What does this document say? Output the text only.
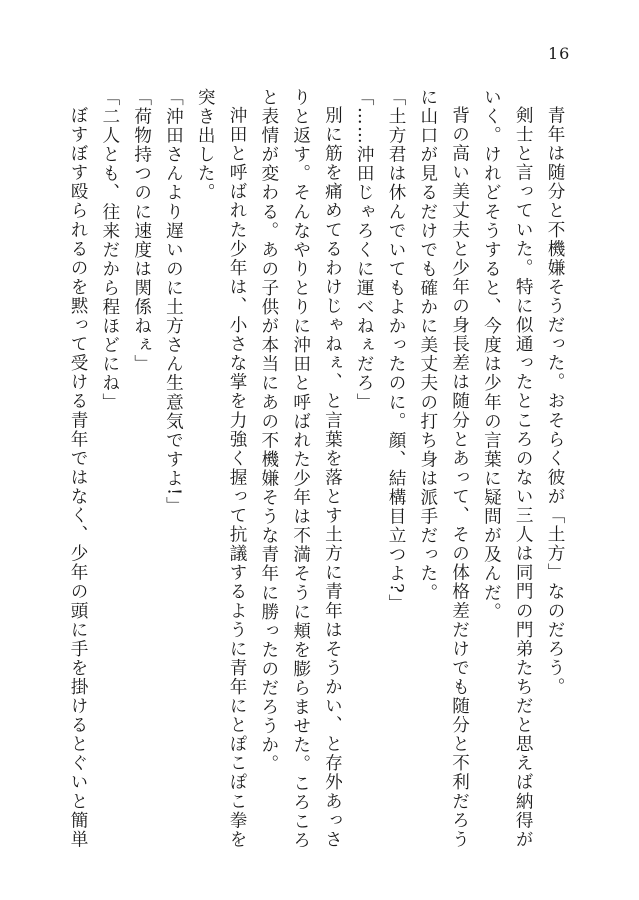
16

青年は随分と不機嫌そうだった。おそらく彼が「土方」なのだろう。

剣士と言っていた。特に似通ったところのない三人は同門の門弟たちだと思えば納得がいく。けれどそうすると、今度は少年の言葉に疑問が及んだ。

背の高い美丈夫と少年の身長差は随分とあって、その体格差だけでも随分と不利だろうに山口が見るだけでも確かに美丈夫の打ち身は派手だった。

「土方君は休んでいてもよかったのに。顔、結構目立つよ?」

「……沖田じゃろくに運べねぇだろ」

別に筋を痛めてるわけじゃねぇ、と言葉を落とす土方に青年はそうかい、と存外あっさりと返す。そんなやりとりに沖田と呼ばれた少年は不満そうに頬を膨らませた。ころころと表情が変わる。あの子供が本当にあの不機嫌そうな青年に勝ったのだろうか。

沖田と呼ばれた少年は、小さな掌を力強く握って抗議するように青年にとぽこぽこ拳を突き出した。

「沖田さんより遅いのに土方さん生意気ですよ!」

「荷物持つのに速度は関係ねぇ」

「二人とも、往来だから程ほどにね」

ぼすぼす殴られるのを黙って受ける青年ではなく、少年の頭に手を掛けるとぐいと簡単
